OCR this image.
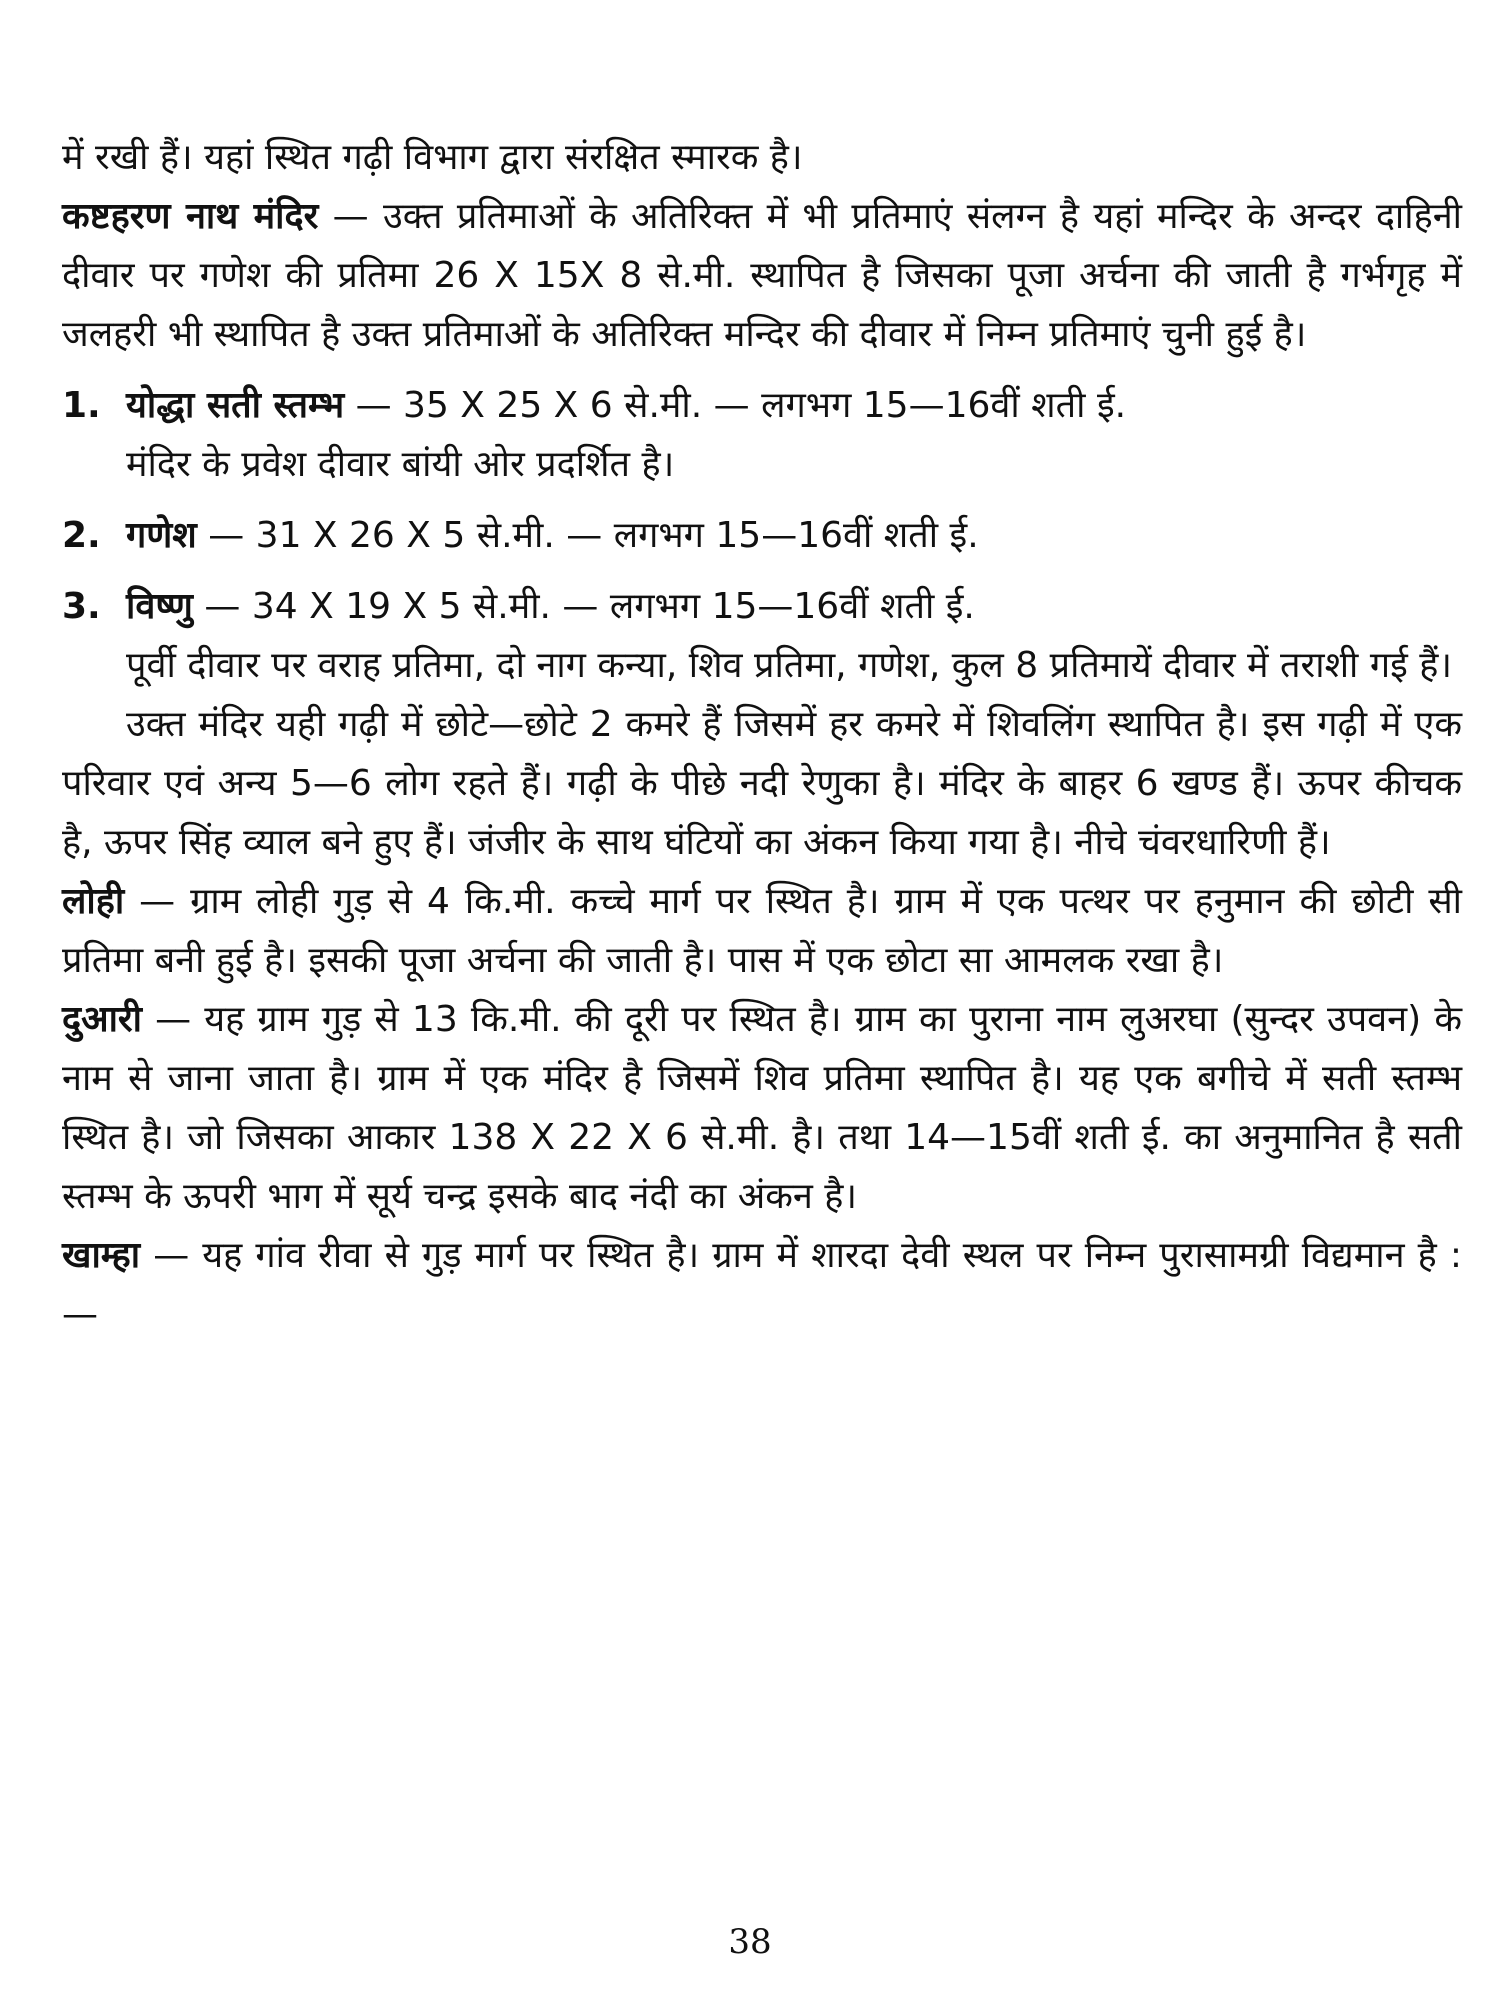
में रखी हैं। यहां स्थित गढ़ी विभाग द्वारा संरक्षित स्मारक है।

कष्टहरण नाथ मंदिर — उक्त प्रतिमाओं के अतिरिक्त में भी प्रतिमाएं संलग्न है यहां मन्दिर के अन्दर दाहिनी दीवार पर गणेश की प्रतिमा 26 X 15X 8 से.मी. स्थापित है जिसका पूजा अर्चना की जाती है गर्भगृह में जलहरी भी स्थापित है उक्त प्रतिमाओं के अतिरिक्त मन्दिर की दीवार में निम्न प्रतिमाएं चुनी हुई है।

1. योद्धा सती स्तम्भ — 35 X 25 X 6 से.मी. — लगभग 15—16वीं शती ई.
मंदिर के प्रवेश दीवार बांयी ओर प्रदर्शित है।
2. गणेश — 31 X 26 X 5 से.मी. — लगभग 15—16वीं शती ई.
3. विष्णु — 34 X 19 X 5 से.मी. — लगभग 15—16वीं शती ई.
पूर्वी दीवार पर वराह प्रतिमा, दो नाग कन्या, शिव प्रतिमा, गणेश, कुल 8 प्रतिमायें दीवार में तराशी गई हैं।

उक्त मंदिर यही गढ़ी में छोटे—छोटे 2 कमरे हैं जिसमें हर कमरे में शिवलिंग स्थापित है। इस गढ़ी में एक परिवार एवं अन्य 5—6 लोग रहते हैं। गढ़ी के पीछे नदी रेणुका है। मंदिर के बाहर 6 खण्ड हैं। ऊपर कीचक है, ऊपर सिंह व्याल बने हुए हैं। जंजीर के साथ घंटियों का अंकन किया गया है। नीचे चंवरधारिणी हैं।

लोही — ग्राम लोही गुड़ से 4 कि.मी. कच्चे मार्ग पर स्थित है। ग्राम में एक पत्थर पर हनुमान की छोटी सी प्रतिमा बनी हुई है। इसकी पूजा अर्चना की जाती है। पास में एक छोटा सा आमलक रखा है।

दुआरी — यह ग्राम गुड़ से 13 कि.मी. की दूरी पर स्थित है। ग्राम का पुराना नाम लुअरघा (सुन्दर उपवन) के नाम से जाना जाता है। ग्राम में एक मंदिर है जिसमें शिव प्रतिमा स्थापित है। यह एक बगीचे में सती स्तम्भ स्थित है। जो जिसका आकार 138 X 22 X 6 से.मी. है। तथा 14—15वीं शती ई. का अनुमानित है सती स्तम्भ के ऊपरी भाग में सूर्य चन्द्र इसके बाद नंदी का अंकन है।

खाम्हा — यह गांव रीवा से गुड़ मार्ग पर स्थित है। ग्राम में शारदा देवी स्थल पर निम्न पुरासामग्री विद्यमान है :—

38
